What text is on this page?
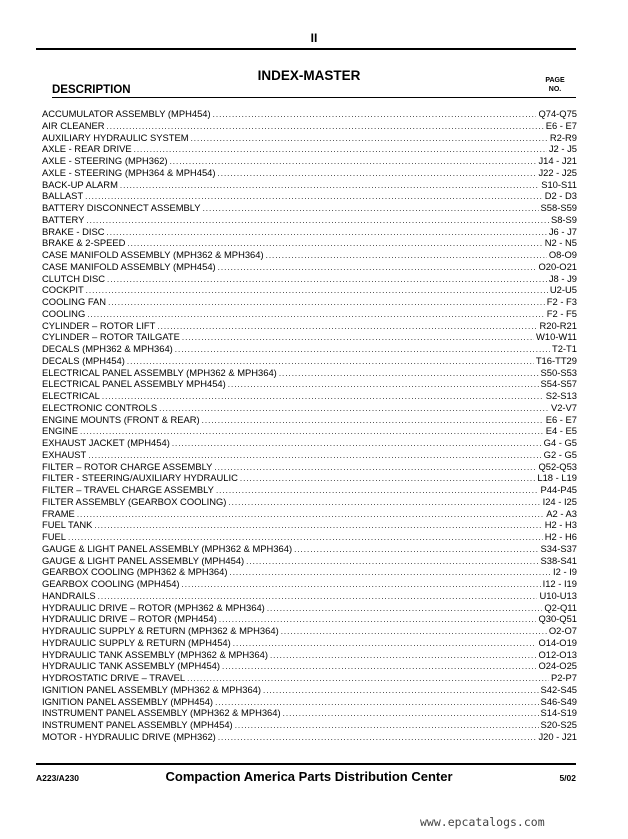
II
INDEX-MASTER	PAGE
NO.
DESCRIPTION
ACCUMULATOR ASSEMBLY (MPH454) .....	Q74-Q75
AIR CLEANER .....	E6 - E7
AUXILIARY HYDRAULIC SYSTEM .....	R2-R9
AXLE - REAR DRIVE .....	J2 - J5
AXLE - STEERING (MPH362) .....	J14 - J21
AXLE - STEERING (MPH364 & MPH454) .....	J22 - J25
BACK-UP ALARM .....	S10-S11
BALLAST .....	D2 - D3
BATTERY DISCONNECT ASSEMBLY .....	S58-S59
BATTERY .....	S8-S9
BRAKE - DISC .....	J6 - J7
BRAKE & 2-SPEED .....	N2 - N5
CASE MANIFOLD ASSEMBLY (MPH362 & MPH364) .....	O8-O9
CASE MANIFOLD ASSEMBLY (MPH454) .....	O20-O21
CLUTCH DISC .....	J8 - J9
COCKPIT .....	U2-U5
COOLING FAN .....	F2 - F3
COOLING .....	F2 - F5
CYLINDER – ROTOR LIFT .....	R20-R21
CYLINDER – ROTOR TAILGATE .....	W10-W11
DECALS (MPH362 & MPH364) .....	T2-T1
DECALS (MPH454) .....	T16-TT29
ELECTRICAL PANEL ASSEMBLY (MPH362 & MPH364) .....	S50-S53
ELECTRICAL PANEL ASSEMBLY MPH454) .....	S54-S57
ELECTRICAL .....	S2-S13
ELECTRONIC CONTROLS .....	V2-V7
ENGINE MOUNTS (FRONT & REAR) .....	E6 - E7
ENGINE .....	E4 - E5
EXHAUST JACKET (MPH454) .....	G4 - G5
EXHAUST .....	G2 - G5
FILTER – ROTOR CHARGE ASSEMBLY .....	Q52-Q53
FILTER - STEERING/AUXILIARY HYDRAULIC .....	L18 - L19
FILTER – TRAVEL CHARGE ASSEMBLY .....	P44-P45
FILTER ASSEMBLY (GEARBOX COOLING) .....	I24 - I25
FRAME .....	A2 - A3
FUEL TANK .....	H2 - H3
FUEL .....	H2 - H6
GAUGE & LIGHT PANEL ASSEMBLY (MPH362 & MPH364) .....	S34-S37
GAUGE & LIGHT PANEL ASSEMBLY (MPH454) .....	S38-S41
GEARBOX COOLING (MPH362 & MPH364) .....	I2 - I9
GEARBOX COOLING (MPH454) .....	I12 - I19
HANDRAILS .....	U10-U13
HYDRAULIC DRIVE – ROTOR (MPH362 & MPH364) .....	Q2-Q11
HYDRAULIC DRIVE – ROTOR (MPH454) .....	Q30-Q51
HYDRAULIC SUPPLY & RETURN (MPH362 & MPH364) .....	O2-O7
HYDRAULIC SUPPLY & RETURN (MPH454) .....	O14-O19
HYDRAULIC TANK ASSEMBLY (MPH362 & MPH364) .....	O12-O13
HYDRAULIC TANK ASSEMBLY (MPH454) .....	O24-O25
HYDROSTATIC DRIVE – TRAVEL .....	P2-P7
IGNITION PANEL ASSEMBLY (MPH362 & MPH364) .....	S42-S45
IGNITION PANEL ASSEMBLY (MPH454) .....	S46-S49
INSTRUMENT PANEL ASSEMBLY (MPH362 & MPH364) .....	S14-S19
INSTRUMENT PANEL ASSEMBLY (MPH454) .....	S20-S25
MOTOR - HYDRAULIC DRIVE (MPH362) .....	J20 - J21
A223/A230	Compaction America Parts Distribution Center	5/02
www.epcatalogs.com
